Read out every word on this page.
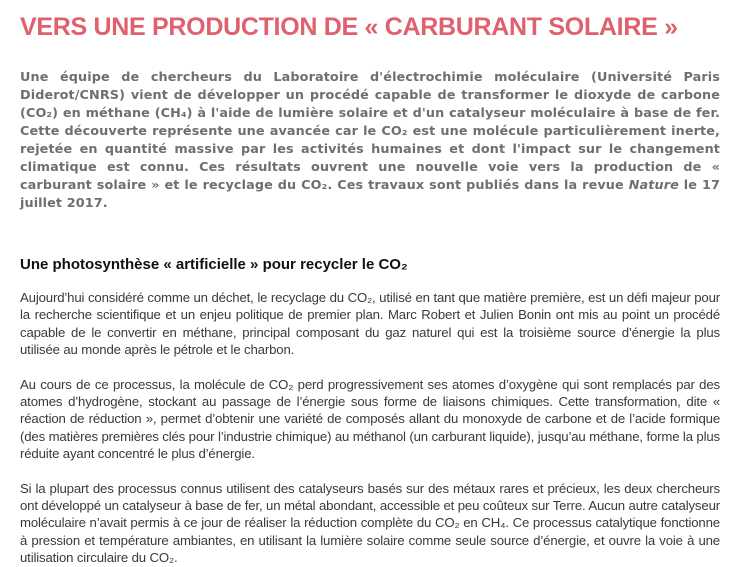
VERS UNE PRODUCTION DE « CARBURANT SOLAIRE »

Une équipe de chercheurs du Laboratoire d'électrochimie moléculaire (Université Paris Diderot/CNRS) vient de développer un procédé capable de transformer le dioxyde de carbone (CO₂) en méthane (CH₄) à l'aide de lumière solaire et d'un catalyseur moléculaire à base de fer. Cette découverte représente une avancée car le CO₂ est une molécule particulièrement inerte, rejetée en quantité massive par les activités humaines et dont l'impact sur le changement climatique est connu. Ces résultats ouvrent une nouvelle voie vers la production de « carburant solaire » et le recyclage du CO₂. Ces travaux sont publiés dans la revue Nature le 17 juillet 2017.

Une photosynthèse « artificielle » pour recycler le CO₂

Aujourd’hui considéré comme un déchet, le recyclage du CO₂, utilisé en tant que matière première, est un défi majeur pour la recherche scientifique et un enjeu politique de premier plan. Marc Robert et Julien Bonin ont mis au point un procédé capable de le convertir en méthane, principal composant du gaz naturel qui est la troisième source d’énergie la plus utilisée au monde après le pétrole et le charbon.

Au cours de ce processus, la molécule de CO₂ perd progressivement ses atomes d’oxygène qui sont remplacés par des atomes d’hydrogène, stockant au passage de l’énergie sous forme de liaisons chimiques. Cette transformation, dite « réaction de réduction », permet d’obtenir une variété de composés allant du monoxyde de carbone et de l’acide formique (des matières premières clés pour l’industrie chimique) au méthanol (un carburant liquide), jusqu’au méthane, forme la plus réduite ayant concentré le plus d’énergie.

Si la plupart des processus connus utilisent des catalyseurs basés sur des métaux rares et précieux, les deux chercheurs ont développé un catalyseur à base de fer, un métal abondant, accessible et peu coûteux sur Terre. Aucun autre catalyseur moléculaire n’avait permis à ce jour de réaliser la réduction complète du CO₂ en CH₄. Ce processus catalytique fonctionne à pression et température ambiantes, en utilisant la lumière solaire comme seule source d’énergie, et ouvre la voie à une utilisation circulaire du CO₂.
